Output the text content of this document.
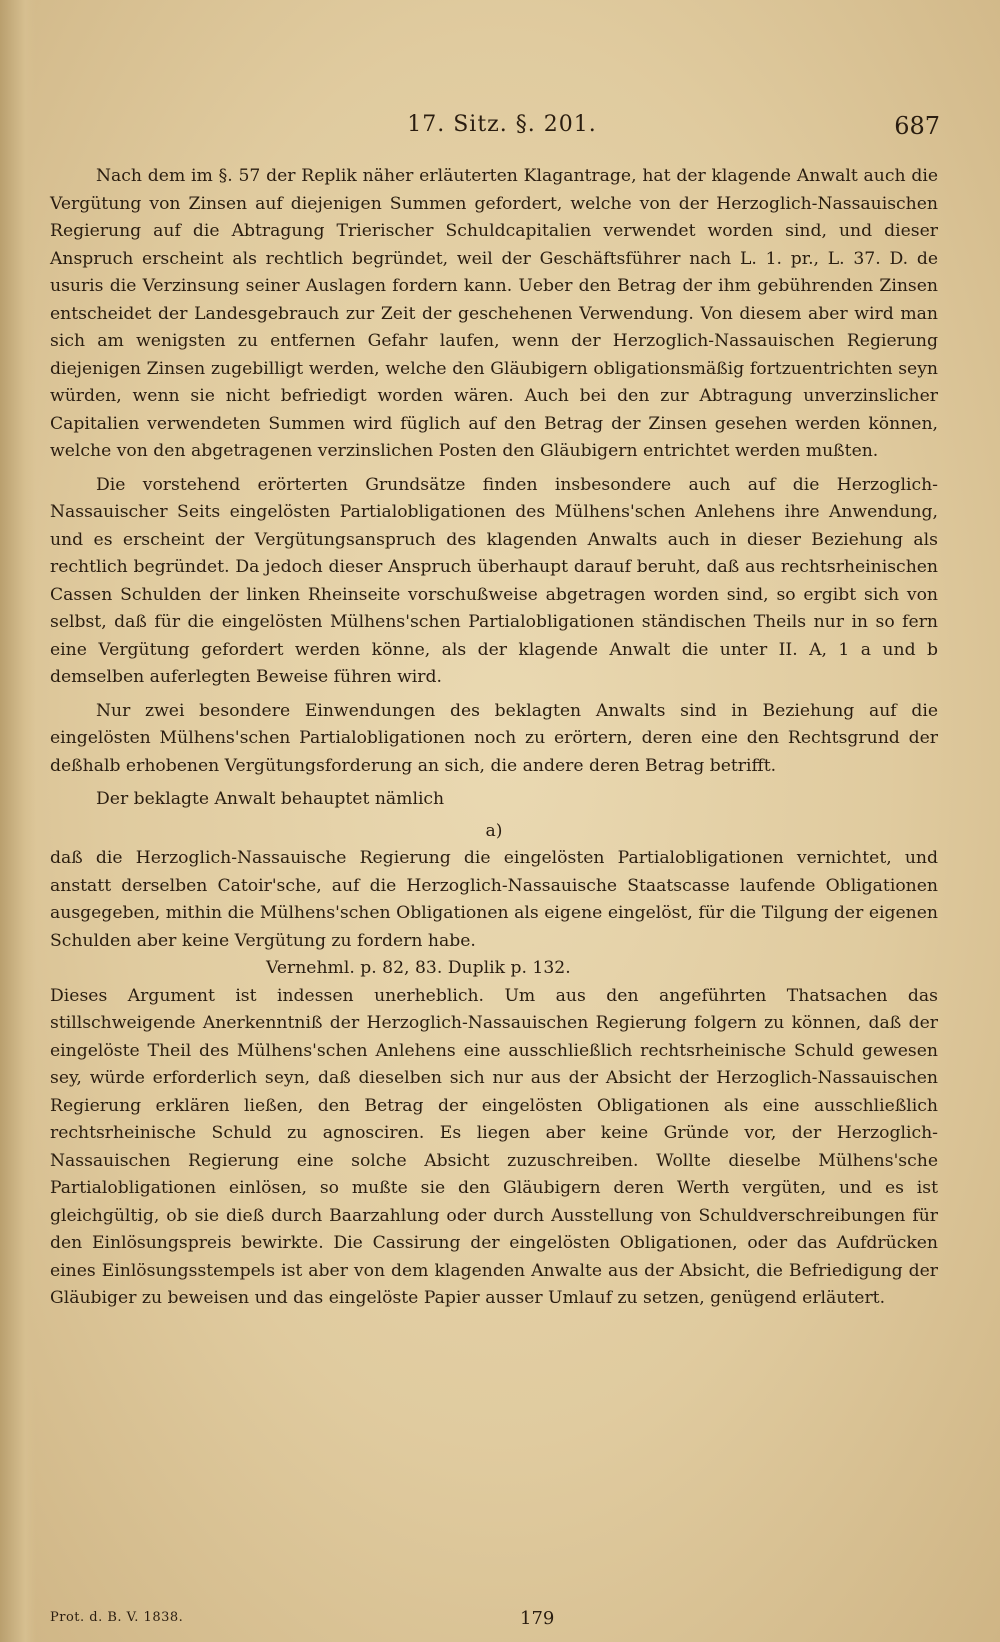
17. Sitz. §. 201.	687

Nach dem im §. 57 der Replik näher erläuterten Klagantrage, hat der klagende Anwalt auch die Vergütung von Zinsen auf diejenigen Summen gefordert, welche von der Herzoglich-Nassauischen Regierung auf die Abtragung Trierischer Schuldcapitalien verwendet worden sind, und dieser Anspruch erscheint als rechtlich begründet, weil der Geschäftsführer nach L. 1. pr., L. 37. D. de usuris die Verzinsung seiner Auslagen fordern kann. Ueber den Betrag der ihm gebührenden Zinsen entscheidet der Landesgebrauch zur Zeit der geschehenen Verwendung. Von diesem aber wird man sich am wenigsten zu entfernen Gefahr laufen, wenn der Herzoglich-Nassauischen Regierung diejenigen Zinsen zugebilligt werden, welche den Gläubigern obligationsmäßig fortzuentrichten seyn würden, wenn sie nicht befriedigt worden wären. Auch bei den zur Abtragung unverzinslicher Capitalien verwendeten Summen wird füglich auf den Betrag der Zinsen gesehen werden können, welche von den abgetragenen verzinslichen Posten den Gläubigern entrichtet werden mußten.

Die vorstehend erörterten Grundsätze finden insbesondere auch auf die Herzoglich-Nassauischer Seits eingelösten Partialobligationen des Mülhens'schen Anlehens ihre Anwendung, und es erscheint der Vergütungsanspruch des klagenden Anwalts auch in dieser Beziehung als rechtlich begründet. Da jedoch dieser Anspruch überhaupt darauf beruht, daß aus rechtsrheinischen Cassen Schulden der linken Rheinseite vorschußweise abgetragen worden sind, so ergibt sich von selbst, daß für die eingelösten Mülhens'schen Partialobligationen ständischen Theils nur in so fern eine Vergütung gefordert werden könne, als der klagende Anwalt die unter II. A, 1 a und b demselben auferlegten Beweise führen wird.

Nur zwei besondere Einwendungen des beklagten Anwalts sind in Beziehung auf die eingelösten Mülhens'schen Partialobligationen noch zu erörtern, deren eine den Rechtsgrund der deßhalb erhobenen Vergütungsforderung an sich, die andere deren Betrag betrifft.

Der beklagte Anwalt behauptet nämlich

a)

daß die Herzoglich-Nassauische Regierung die eingelösten Partialobligationen vernichtet, und anstatt derselben Catoir'sche, auf die Herzoglich-Nassauische Staatscasse laufende Obligationen ausgegeben, mithin die Mülhens'schen Obligationen als eigene eingelöst, für die Tilgung der eigenen Schulden aber keine Vergütung zu fordern habe.

Vernehml. p. 82, 83. Duplik p. 132.

Dieses Argument ist indessen unerheblich. Um aus den angeführten Thatsachen das stillschweigende Anerkenntniß der Herzoglich-Nassauischen Regierung folgern zu können, daß der eingelöste Theil des Mülhens'schen Anlehens eine ausschließlich rechtsrheinische Schuld gewesen sey, würde erforderlich seyn, daß dieselben sich nur aus der Absicht der Herzoglich-Nassauischen Regierung erklären ließen, den Betrag der eingelösten Obligationen als eine ausschließlich rechtsrheinische Schuld zu agnosciren. Es liegen aber keine Gründe vor, der Herzoglich-Nassauischen Regierung eine solche Absicht zuzuschreiben. Wollte dieselbe Mülhens'sche Partialobligationen einlösen, so mußte sie den Gläubigern deren Werth vergüten, und es ist gleichgültig, ob sie dieß durch Baarzahlung oder durch Ausstellung von Schuldverschreibungen für den Einlösungspreis bewirkte. Die Cassirung der eingelösten Obligationen, oder das Aufdrücken eines Einlösungsstempels ist aber von dem klagenden Anwalte aus der Absicht, die Befriedigung der Gläubiger zu beweisen und das eingelöste Papier ausser Umlauf zu setzen, genügend erläutert.

Prot. d. B. V. 1838.	179
